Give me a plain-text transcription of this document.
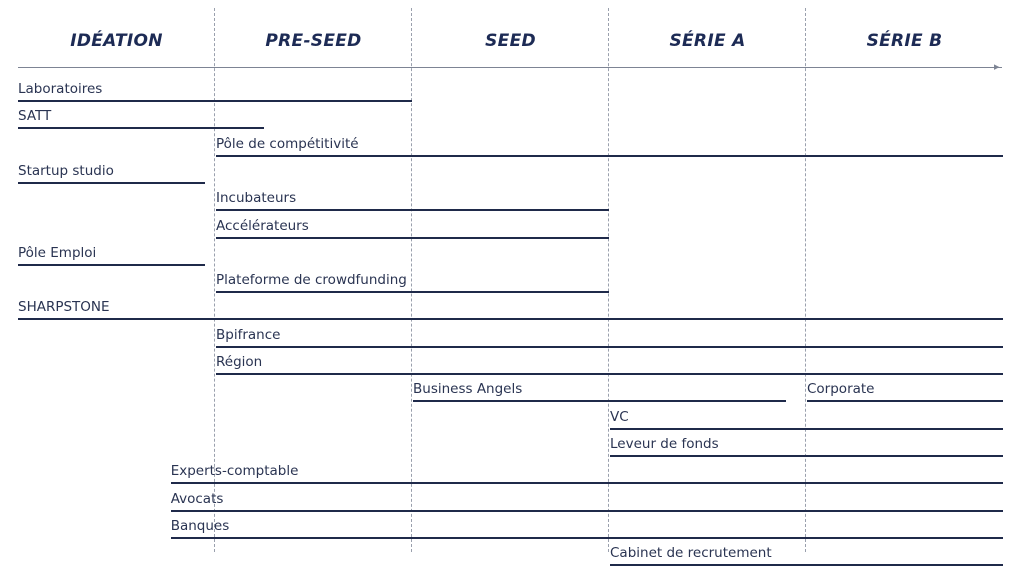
IDÉATION	PRE-SEED	SEED	SÉRIE A	SÉRIE B
▸
Laboratoires
SATT
Pôle de compétitivité
Startup studio
Incubateurs
Accélérateurs
Pôle Emploi
Plateforme de crowdfunding
SHARPSTONE
Bpifrance
Région
Business Angels	Corporate
VC
Leveur de fonds
Experts-comptable
Avocats
Banques
Cabinet de recrutement
